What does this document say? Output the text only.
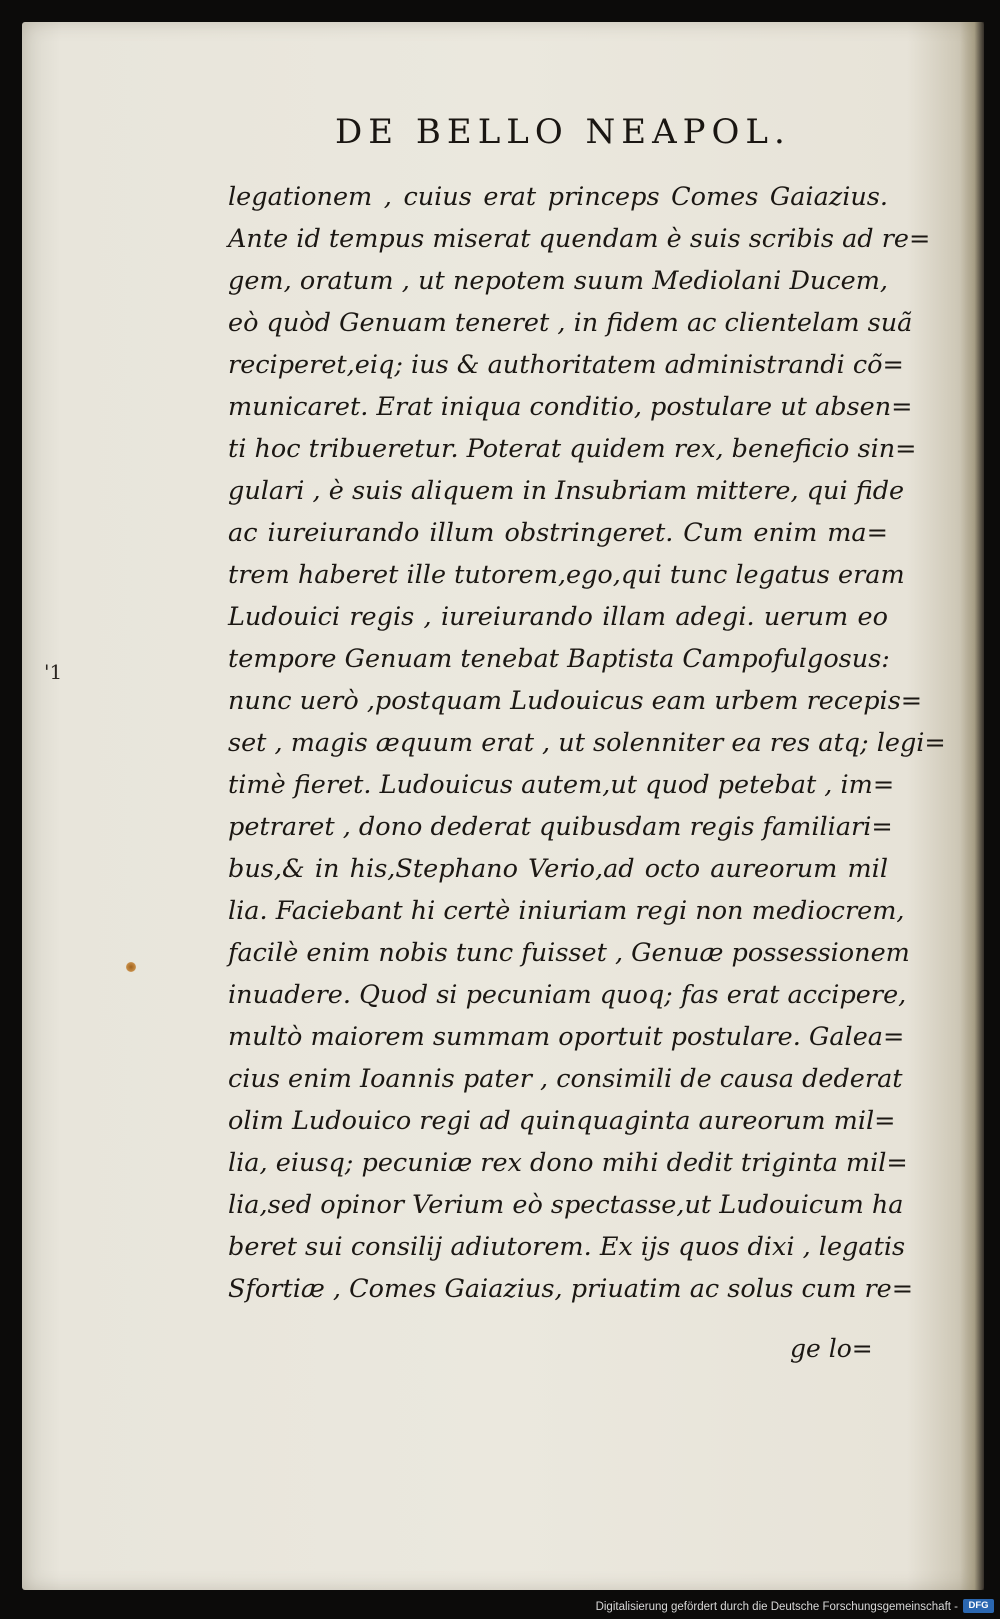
DE BELLO NEAPOL.
legationem , cuius erat princeps Comes Gaiazius.
Ante id tempus miserat quendam è suis scribis ad re=
gem, oratum , ut nepotem suum Mediolani Ducem,
eò quòd Genuam teneret , in fidem ac clientelam suã
reciperet,eiq; ius & authoritatem administrandi cõ=
municaret. Erat iniqua conditio, postulare ut absen=
ti hoc tribueretur. Poterat quidem rex, beneficio sin=
gulari , è suis aliquem in Insubriam mittere, qui fide
ac iureiurando illum obstringeret. Cum enim ma=
trem haberet ille tutorem,ego,qui tunc legatus eram
Ludouici regis , iureiurando illam adegi. uerum eo
tempore Genuam tenebat Baptista Campofulgosus:
nunc uerò ,postquam Ludouicus eam urbem recepis=
set , magis æquum erat , ut solenniter ea res atq; legi=
timè fieret. Ludouicus autem,ut quod petebat , im=
petraret , dono dederat quibusdam regis familiari=
bus,& in his,Stephano Verio,ad octo aureorum mil
lia. Faciebant hi certè iniuriam regi non mediocrem,
facilè enim nobis tunc fuisset , Genuæ possessionem
inuadere. Quod si pecuniam quoq; fas erat accipere,
multò maiorem summam oportuit postulare. Galea=
cius enim Ioannis pater , consimili de causa dederat
olim Ludouico regi ad quinquaginta aureorum mil=
lia, eiusq; pecuniæ rex dono mihi dedit triginta mil=
lia,sed opinor Verium eò spectasse,ut Ludouicum ha
beret sui consilij adiutorem. Ex ijs quos dixi , legatis
Sfortiæ , Comes Gaiazius, priuatim ac solus cum re=
ge lo=
'1
Digitalisierung gefördert durch die Deutsche Forschungsgemeinschaft -	DFG
